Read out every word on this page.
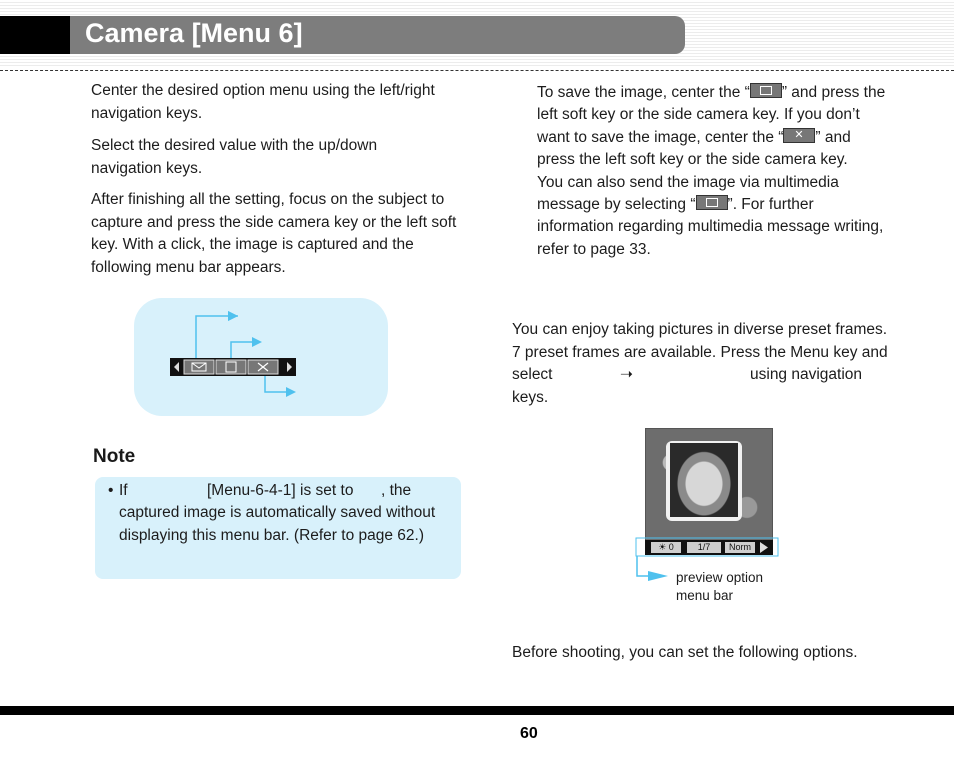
Camera [Menu 6]

Center the desired option menu using the left/right navigation keys.

Select the desired value with the up/down navigation keys.

After finishing all the setting, focus on the subject to capture and press the side camera key or the left soft key. With a click, the image is captured and the following menu bar appears.

Note

• If	[Menu-6-4-1] is set to , the

captured image is automatically saved without displaying this menu bar. (Refer to page 62.)

To save the image, center the “ ” and press the

left soft key or the side camera key. If you don’t

want to save the image, center the “ ✕ ” and

press the left soft key or the side camera key.

You can also send the image via multimedia

message by selecting “ ”. For further

information regarding multimedia message writing,

refer to page 33.

You can enjoy taking pictures in diverse preset frames.

7 preset frames are available. Press the Menu key and

select	➝	using navigation

keys.

☀ 0	1/7	Norm

preview option
menu bar

Before shooting, you can set the following options.

60
